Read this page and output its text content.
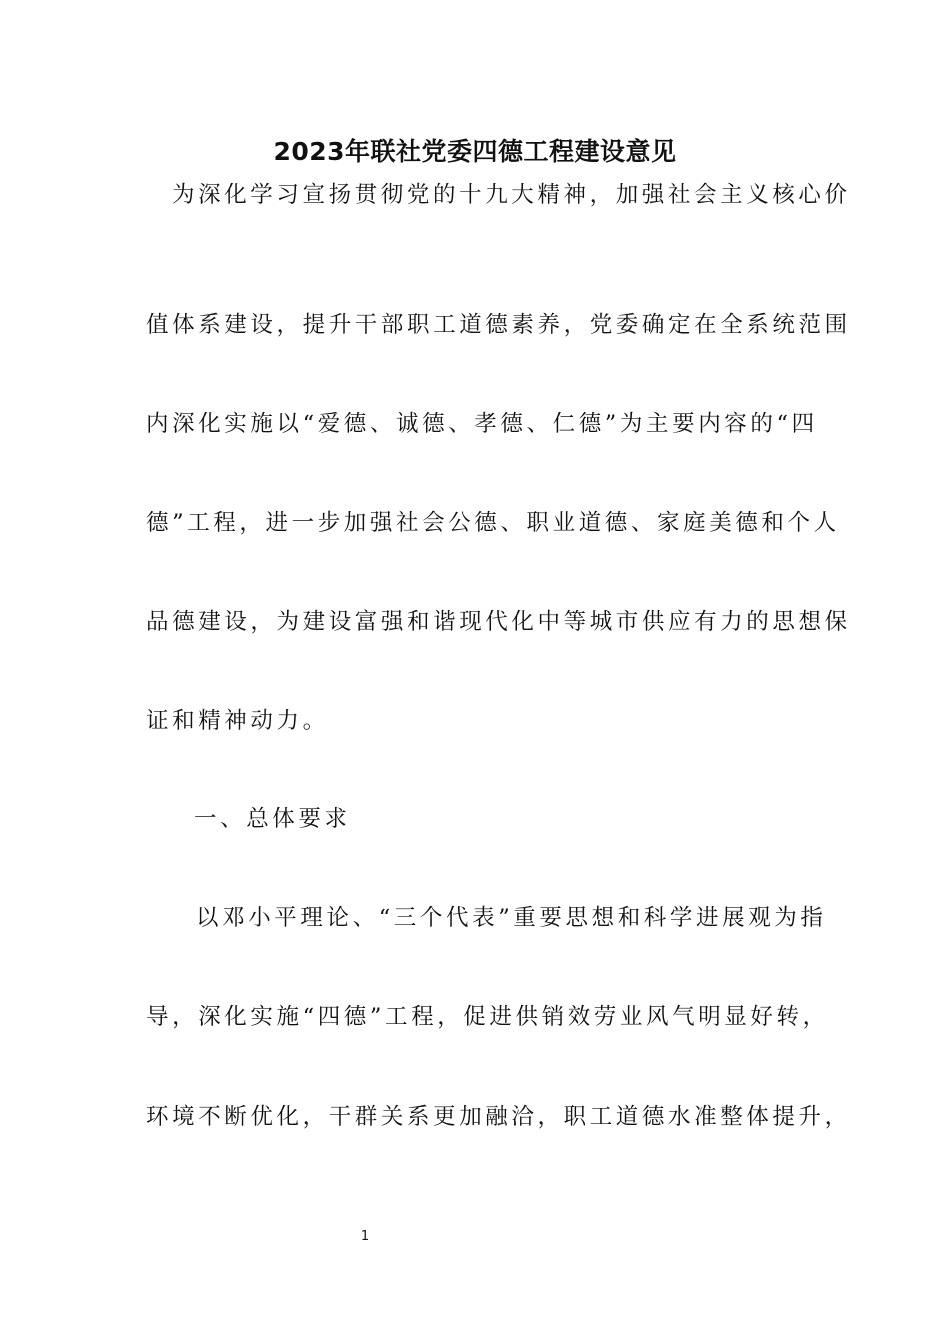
2023年联社党委四德工程建设意见
为深化学习宣扬贯彻党的十九大精神，加强社会主义核心价
值体系建设，提升干部职工道德素养，党委确定在全系统范围
内深化实施以“爱德、诚德、孝德、仁德”为主要内容的“四
德”工程，进一步加强社会公德、职业道德、家庭美德和个人
品德建设，为建设富强和谐现代化中等城市供应有力的思想保
证和精神动力。
一、总体要求
以邓小平理论、“三个代表”重要思想和科学进展观为指
导，深化实施“四德”工程，促进供销效劳业风气明显好转，
环境不断优化，干群关系更加融洽，职工道德水准整体提升，
1
